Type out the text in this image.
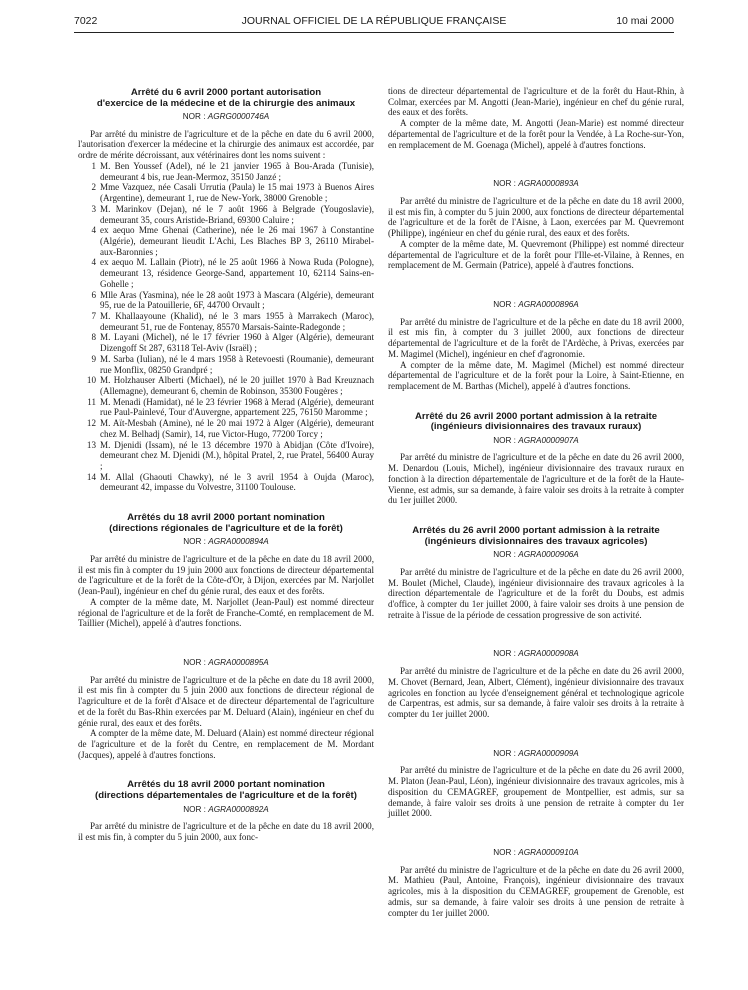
7022	JOURNAL OFFICIEL DE LA RÉPUBLIQUE FRANÇAISE	10 mai 2000
Arrêté du 6 avril 2000 portant autorisation
d'exercice de la médecine et de la chirurgie des animaux
NOR : AGRG0000746A

Par arrêté du ministre de l'agriculture et de la pêche en date du 6 avril 2000, l'autorisation d'exercer la médecine et la chirurgie des animaux est accordée, par ordre de mérite décroissant, aux vétérinaires dont les noms suivent :

1 M. Ben Youssef (Adel), né le 21 janvier 1965 à Bou-Arada (Tunisie), demeurant 4 bis, rue Jean-Mermoz, 35150 Janzé ;
2 Mme Vazquez, née Casali Urrutia (Paula) le 15 mai 1973 à Buenos Aires (Argentine), demeurant 1, rue de New-York, 38000 Grenoble ;
3 M. Marinkov (Dejan), né le 7 août 1966 à Belgrade (Yougoslavie), demeurant 35, cours Aristide-Briand, 69300 Caluire ;
4 ex aequo Mme Ghenai (Catherine), née le 26 mai 1967 à Constantine (Algérie), demeurant lieudit L'Achi, Les Blaches BP 3, 26110 Mirabel-aux-Baronnies ;
4 ex aequo M. Lallain (Piotr), né le 25 août 1966 à Nowa Ruda (Pologne), demeurant 13, résidence George-Sand, appartement 10, 62114 Sains-en-Gohelle ;
6 Mlle Aras (Yasmina), née le 28 août 1973 à Mascara (Algérie), demeurant 95, rue de la Patouillerie, 6F, 44700 Orvault ;
7 M. Khallaayoune (Khalid), né le 3 mars 1955 à Marrakech (Maroc), demeurant 51, rue de Fontenay, 85570 Marsais-Sainte-Radegonde ;
8 M. Layani (Michel), né le 17 février 1960 à Alger (Algérie), demeurant Dizengoff St 287, 63118 Tel-Aviv (Israël) ;
9 M. Sarba (Iulian), né le 4 mars 1958 à Retevoesti (Roumanie), demeurant rue Monflix, 08250 Grandpré ;
10 M. Holzhauser Alberti (Michael), né le 20 juillet 1970 à Bad Kreuznach (Allemagne), demeurant 6, chemin de Robinson, 35300 Fougères ;
11 M. Menadi (Hamidat), né le 23 février 1968 à Merad (Algérie), demeurant rue Paul-Painlevé, Tour d'Auvergne, appartement 225, 76150 Maromme ;
12 M. Aït-Mesbah (Amine), né le 20 mai 1972 à Alger (Algérie), demeurant chez M. Belhadj (Samir), 14, rue Victor-Hugo, 77200 Torcy ;
13 M. Djenidi (Issam), né le 13 décembre 1970 à Abidjan (Côte d'Ivoire), demeurant chez M. Djenidi (M.), hôpital Pratel, 2, rue Pratel, 56400 Auray ;
14 M. Allal (Ghaouti Chawky), né le 3 avril 1954 à Oujda (Maroc), demeurant 42, impasse du Volvestre, 31100 Toulouse.
Arrêtés du 18 avril 2000 portant nomination
(directions régionales de l'agriculture et de la forêt)
NOR : AGRA0000894A

Par arrêté du ministre de l'agriculture et de la pêche en date du 18 avril 2000, il est mis fin à compter du 19 juin 2000 aux fonctions de directeur départemental de l'agriculture et de la forêt de la Côte-d'Or, à Dijon, exercées par M. Narjollet (Jean-Paul), ingénieur en chef du génie rural, des eaux et des forêts.

A compter de la même date, M. Narjollet (Jean-Paul) est nommé directeur régional de l'agriculture et de la forêt de Franche-Comté, en remplacement de M. Taillier (Michel), appelé à d'autres fonctions.

NOR : AGRA0000895A

Par arrêté du ministre de l'agriculture et de la pêche en date du 18 avril 2000, il est mis fin à compter du 5 juin 2000 aux fonctions de directeur régional de l'agriculture et de la forêt d'Alsace et de directeur départemental de l'agriculture et de la forêt du Bas-Rhin exercées par M. Deluard (Alain), ingénieur en chef du génie rural, des eaux et des forêts.

A compter de la même date, M. Deluard (Alain) est nommé directeur régional de l'agriculture et de la forêt du Centre, en remplacement de M. Mordant (Jacques), appelé à d'autres fonctions.

Arrêtés du 18 avril 2000 portant nomination
(directions départementales de l'agriculture et de la forêt)
NOR : AGRA0000892A

Par arrêté du ministre de l'agriculture et de la pêche en date du 18 avril 2000, il est mis fin, à compter du 5 juin 2000, aux fonc-

tions de directeur départemental de l'agriculture et de la forêt du Haut-Rhin, à Colmar, exercées par M. Angotti (Jean-Marie), ingénieur en chef du génie rural, des eaux et des forêts.

A compter de la même date, M. Angotti (Jean-Marie) est nommé directeur départemental de l'agriculture et de la forêt pour la Vendée, à La Roche-sur-Yon, en remplacement de M. Goenaga (Michel), appelé à d'autres fonctions.

NOR : AGRA0000893A

Par arrêté du ministre de l'agriculture et de la pêche en date du 18 avril 2000, il est mis fin, à compter du 5 juin 2000, aux fonctions de directeur départemental de l'agriculture et de la forêt de l'Aisne, à Laon, exercées par M. Quevremont (Philippe), ingénieur en chef du génie rural, des eaux et des forêts.

A compter de la même date, M. Quevremont (Philippe) est nommé directeur départemental de l'agriculture et de la forêt pour l'Ille-et-Vilaine, à Rennes, en remplacement de M. Germain (Patrice), appelé à d'autres fonctions.

NOR : AGRA0000896A

Par arrêté du ministre de l'agriculture et de la pêche en date du 18 avril 2000, il est mis fin, à compter du 3 juillet 2000, aux fonctions de directeur départemental de l'agriculture et de la forêt de l'Ardèche, à Privas, exercées par M. Magimel (Michel), ingénieur en chef d'agronomie.

A compter de la même date, M. Magimel (Michel) est nommé directeur départemental de l'agriculture et de la forêt pour la Loire, à Saint-Etienne, en remplacement de M. Barthas (Michel), appelé à d'autres fonctions.

Arrêté du 26 avril 2000 portant admission à la retraite
(ingénieurs divisionnaires des travaux ruraux)
NOR : AGRA0000907A

Par arrêté du ministre de l'agriculture et de la pêche en date du 26 avril 2000, M. Denardou (Louis, Michel), ingénieur divisionnaire des travaux ruraux en fonction à la direction départementale de l'agriculture et de la forêt de la Haute-Vienne, est admis, sur sa demande, à faire valoir ses droits à la retraite à compter du 1er juillet 2000.

Arrêtés du 26 avril 2000 portant admission à la retraite
(ingénieurs divisionnaires des travaux agricoles)
NOR : AGRA0000906A

Par arrêté du ministre de l'agriculture et de la pêche en date du 26 avril 2000, M. Boulet (Michel, Claude), ingénieur divisionnaire des travaux agricoles à la direction départementale de l'agriculture et de la forêt du Doubs, est admis d'office, à compter du 1er juillet 2000, à faire valoir ses droits à une pension de retraite à l'issue de la période de cessation progressive de son activité.

NOR : AGRA0000908A

Par arrêté du ministre de l'agriculture et de la pêche en date du 26 avril 2000, M. Chovet (Bernard, Jean, Albert, Clément), ingénieur divisionnaire des travaux agricoles en fonction au lycée d'enseignement général et technologique agricole de Carpentras, est admis, sur sa demande, à faire valoir ses droits à la retraite à compter du 1er juillet 2000.

NOR : AGRA0000909A

Par arrêté du ministre de l'agriculture et de la pêche en date du 26 avril 2000, M. Platon (Jean-Paul, Léon), ingénieur divisionnaire des travaux agricoles, mis à disposition du CEMAGREF, groupement de Montpellier, est admis, sur sa demande, à faire valoir ses droits à une pension de retraite à compter du 1er juillet 2000.

NOR : AGRA0000910A

Par arrêté du ministre de l'agriculture et de la pêche en date du 26 avril 2000, M. Mathieu (Paul, Antoine, François), ingénieur divisionnaire des travaux agricoles, mis à la disposition du CEMAGREF, groupement de Grenoble, est admis, sur sa demande, à faire valoir ses droits à une pension de retraite à compter du 1er juillet 2000.
